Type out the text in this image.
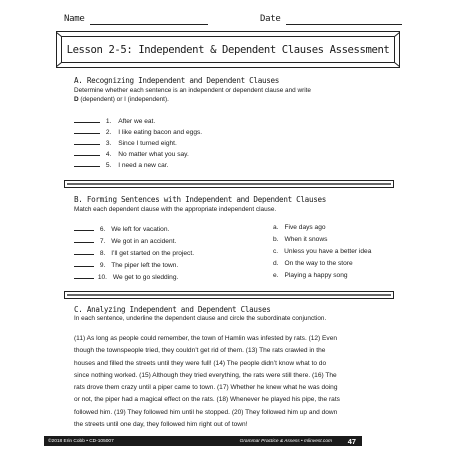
Name	Date
Lesson 2-5: Independent & Dependent Clauses Assessment
A. Recognizing Independent and Dependent Clauses
Determine whether each sentence is an independent or dependent clause and write
D (dependent) or I (independent).
1. After we eat.
2. I like eating bacon and eggs.
3. Since I turned eight.
4. No matter what you say.
5. I need a new car.
B. Forming Sentences with Independent and Dependent Clauses
Match each dependent clause with the appropriate independent clause.
6. We left for vacation.
7. We got in an accident.
8. I’ll get started on the project.
9. The piper left the town.
10. We get to go sledding.
a. Five days ago
b. When it snows
c. Unless you have a better idea
d. On the way to the store
e. Playing a happy song
C. Analyzing Independent and Dependent Clauses
In each sentence, underline the dependent clause and circle the subordinate conjunction.
(11) As long as people could remember, the town of Hamlin was infested by rats. (12) Even
though the townspeople tried, they couldn’t get rid of them. (13) The rats crawled in the
houses and filled the streets until they were full! (14) The people didn’t know what to do
since nothing worked. (15) Although they tried everything, the rats were still there. (16) The
rats drove them crazy until a piper came to town. (17) Whether he knew what he was doing
or not, the piper had a magical effect on the rats. (18) Whenever he played his pipe, the rats
followed him. (19) They followed him until he stopped. (20) They followed him up and down
the streets until one day, they followed him right out of town!
©2018 Erin Cobb • CD-105007	Grammar Practice & Assess • mlinvest.com 47
